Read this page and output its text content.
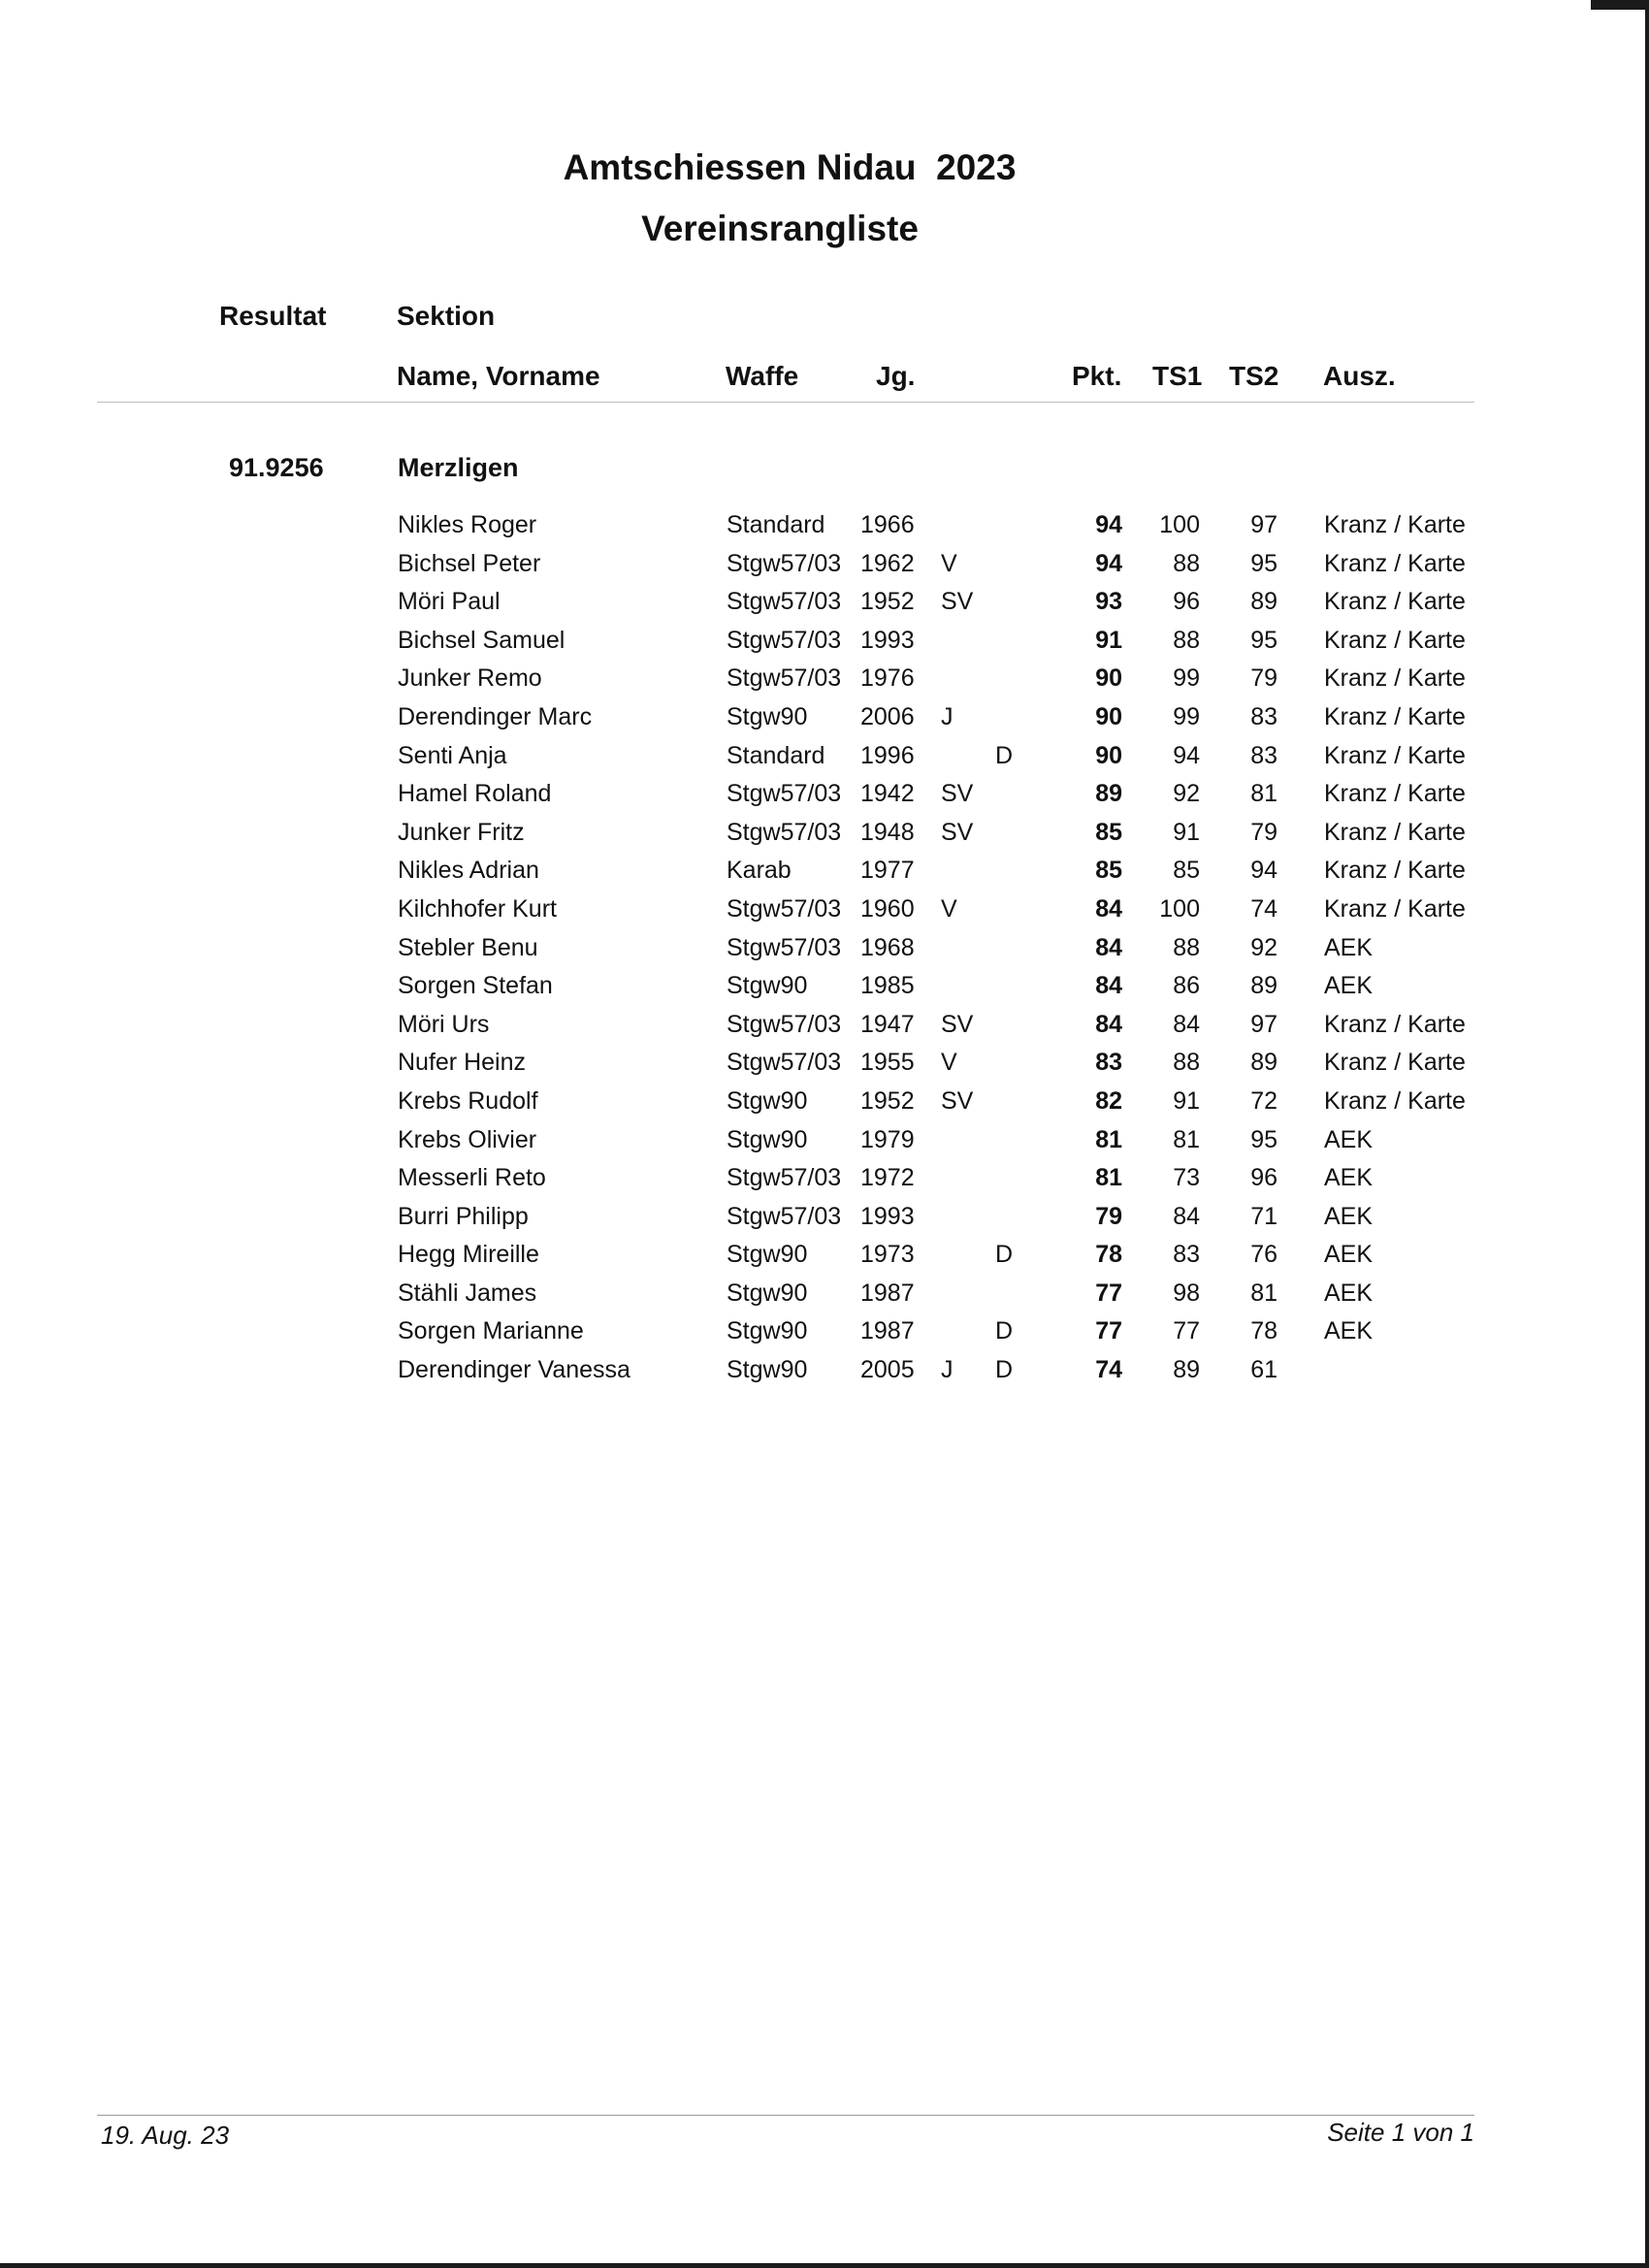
Amtschiessen Nidau  2023
Vereinsrangliste
Resultat	Sektion
Name, Vorname	Waffe	Jg.	Pkt. TS1 TS2 Ausz.
91.9256	Merzligen
Nikles Roger	Standard 1966	94 100 97 Kranz / Karte
Bichsel Peter	Stgw57/03 1962 V	94 88 95 Kranz / Karte
Möri Paul	Stgw57/03 1952 SV	93 96 89 Kranz / Karte
Bichsel Samuel	Stgw57/03 1993	91 88 95 Kranz / Karte
Junker Remo	Stgw57/03 1976	90 99 79 Kranz / Karte
Derendinger Marc	Stgw90 2006 J	90 99 83 Kranz / Karte
Senti Anja	Standard 1996	D	90 94 83 Kranz / Karte
Hamel Roland	Stgw57/03 1942 SV	89 92 81 Kranz / Karte
Junker Fritz	Stgw57/03 1948 SV	85 91 79 Kranz / Karte
Nikles Adrian	Karab	1977	85 85 94 Kranz / Karte
Kilchhofer Kurt	Stgw57/03 1960 V	84 100 74 Kranz / Karte
Stebler Benu	Stgw57/03 1968	84 88 92 AEK
Sorgen Stefan	Stgw90 1985	84 86 89 AEK
Möri Urs	Stgw57/03 1947 SV	84 84 97 Kranz / Karte
Nufer Heinz	Stgw57/03 1955 V	83 88 89 Kranz / Karte
Krebs Rudolf	Stgw90 1952 SV	82 91 72 Kranz / Karte
Krebs Olivier	Stgw90 1979	81 81 95 AEK
Messerli Reto	Stgw57/03 1972	81 73 96 AEK
Burri Philipp	Stgw57/03 1993	79 84 71 AEK
Hegg Mireille	Stgw90 1973	D	78 83 76 AEK
Stähli James	Stgw90 1987	77 98 81 AEK
Sorgen Marianne	Stgw90 1987	D	77 77 78 AEK
Derendinger Vanessa	Stgw90 2005 J D	74 89 61
19. Aug. 23	Seite 1 von 1
